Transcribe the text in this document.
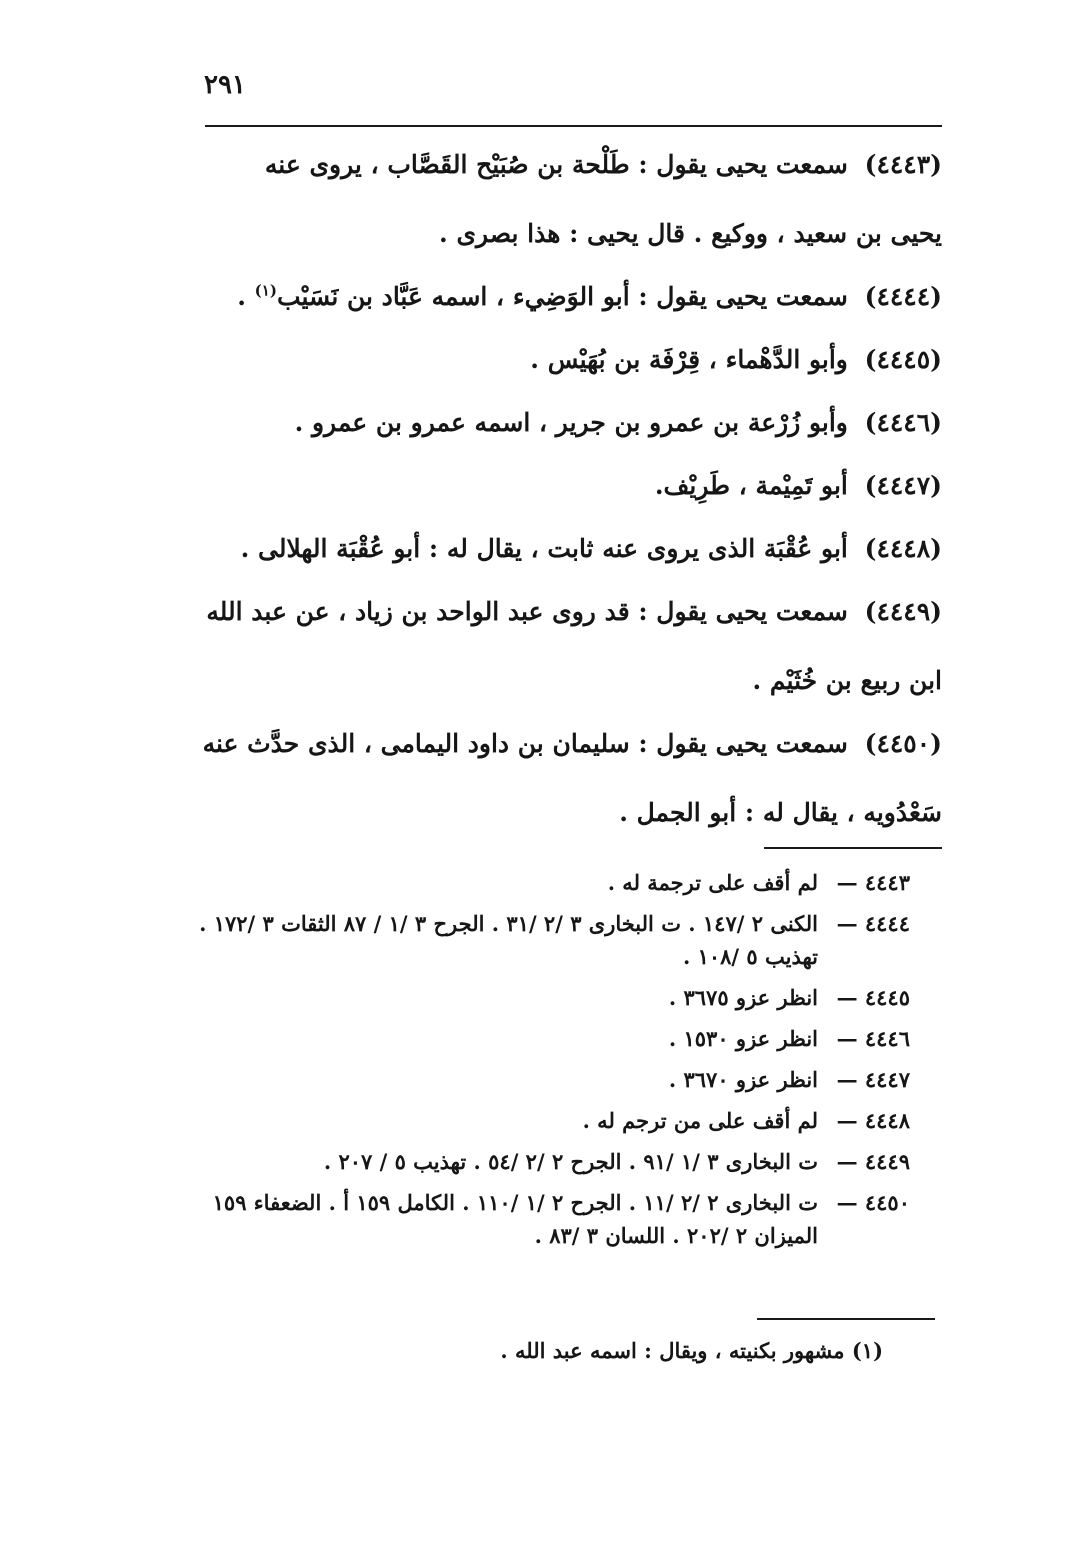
٢٩١

(٤٤٤٣) سمعت يحيى يقول : طَلْحة بن صُبَيْح القَصَّاب ، يروى عنه
يحيى بن سعيد ، ووكيع . قال يحيى : هذا بصرى .

(٤٤٤٤) سمعت يحيى يقول : أبو الوَضِيء ، اسمه عَبَّاد بن نَسَيْب$^{(١)}$ .

(٤٤٤٥) وأبو الدَّهْماء ، قِرْفَة بن بُهَيْس .

(٤٤٤٦) وأبو زُرْعة بن عمرو بن جرير ، اسمه عمرو بن عمرو .

(٤٤٤٧) أبو تَمِيْمة ، طَرِيْف.

(٤٤٤٨) أبو عُقْبَة الذى يروى عنه ثابت ، يقال له : أبو عُقْبَة الهلالى .

(٤٤٤٩) سمعت يحيى يقول : قد روى عبد الواحد بن زياد ، عن عبد الله
ابن ربيع بن خُثَيْم .

(٤٤٥٠) سمعت يحيى يقول : سليمان بن داود اليمامى ، الذى حدَّث عنه
سَعْدُويه ، يقال له : أبو الجمل .

٤٤٤٣ —
لم أقف على ترجمة له .
٤٤٤٤ —
الكنى ٢ /١٤٧ . ت البخارى ٣ /٢ /٣١ . الجرح ٣ /١ / ٨٧ الثقات ٣ /١٧٢ . تهذيب ٥ /١٠٨ .
٤٤٤٥ —
انظر عزو ٣٦٧٥ .
٤٤٤٦ —
انظر عزو ١٥٣٠ .
٤٤٤٧ —
انظر عزو ٣٦٧٠ .
٤٤٤٨ —
لم أقف على من ترجم له .
٤٤٤٩ —
ت البخارى ٣ /١ /٩١ . الجرح ٢ /٢ /٥٤ . تهذيب ٥ / ٢٠٧ .
٤٤٥٠ —
ت البخارى ٢ /٢ /١١ . الجرح ٢ /١ /١١٠ . الكامل ١٥٩ أ . الضعفاء ١٥٩ الميزان ٢ /٢٠٢ . اللسان ٣ /٨٣ .
(١) مشهور بكنيته ، ويقال : اسمه عبد الله .
